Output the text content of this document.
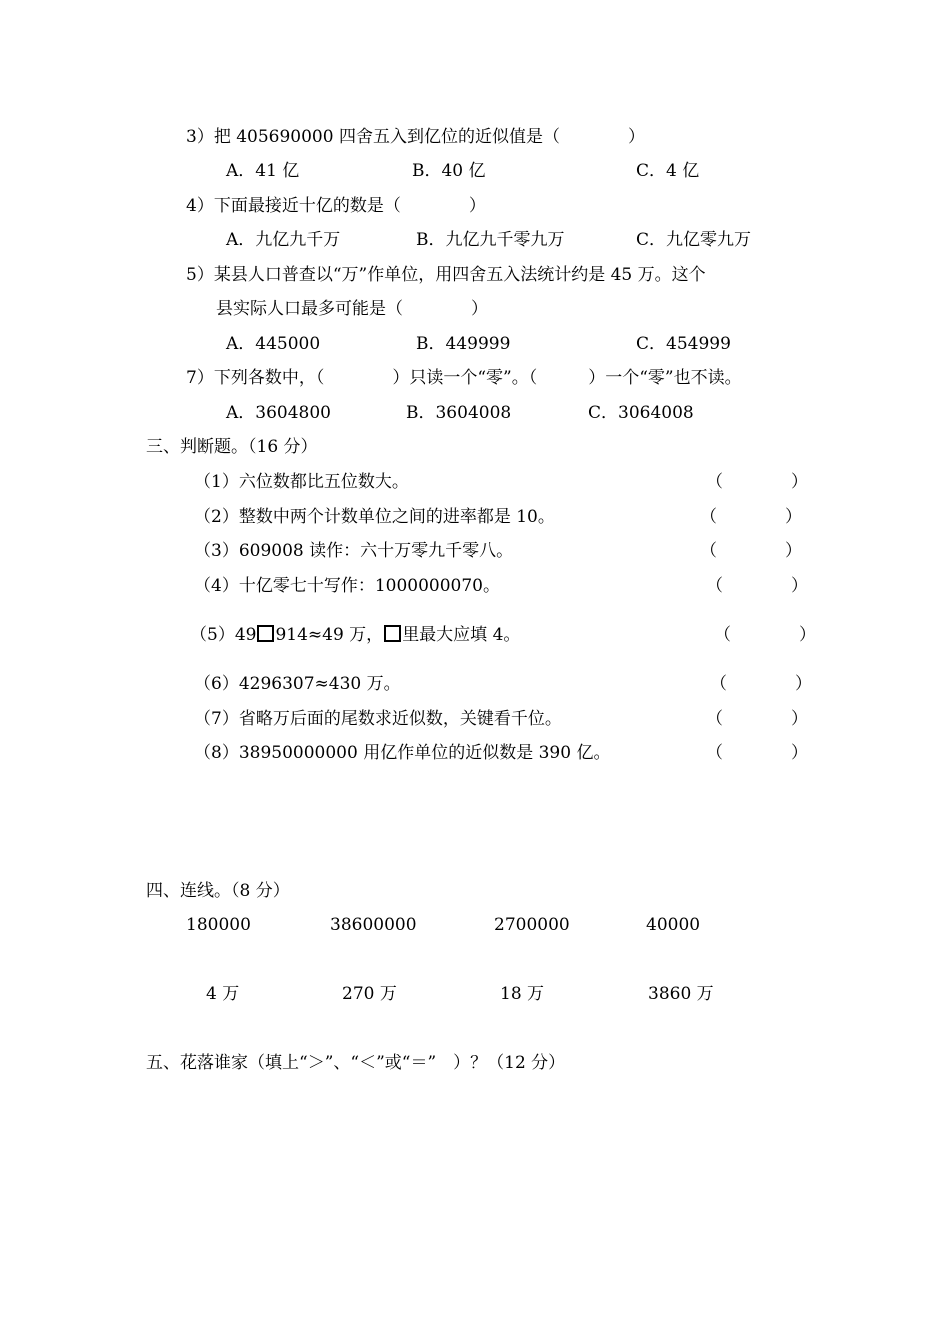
3）把 405690000 四舍五入到亿位的近似值是（　　　　）
A．41 亿	B．40 亿	C．4 亿
4）下面最接近十亿的数是（　　　　）
A．九亿九千万	B．九亿九千零九万	C．九亿零九万
5）某县人口普查以“万”作单位，用四舍五入法统计约是 45 万。这个
县实际人口最多可能是（　　　　）
A．445000	B．449999	C．454999
7）下列各数中，（　　　　）只读一个“零”。（　　　）一个“零”也不读。
A．3604800	B．3604008	C．3064008
三、判断题。（16 分）
（1）六位数都比五位数大。	（　　　　）
（2）整数中两个计数单位之间的进率都是 10。	（　　　　）
（3）609008 读作：六十万零九千零八。	（　　　　）
（4）十亿零七十写作：1000000070。	（　　　　）
（5）49 914≈49 万， 里最大应填 4。	（　　　　）
（6）4296307≈430 万。	（　　　　）
（7）省略万后面的尾数求近似数，关键看千位。	（　　　　）
（8）38950000000 用亿作单位的近似数是 390 亿。	（　　　　）
四、连线。（8 分）
180000	38600000	2700000	40000
4 万	270 万	18 万	3860 万
五、花落谁家（填上“＞”、“＜”或“＝”　）？（12 分）
